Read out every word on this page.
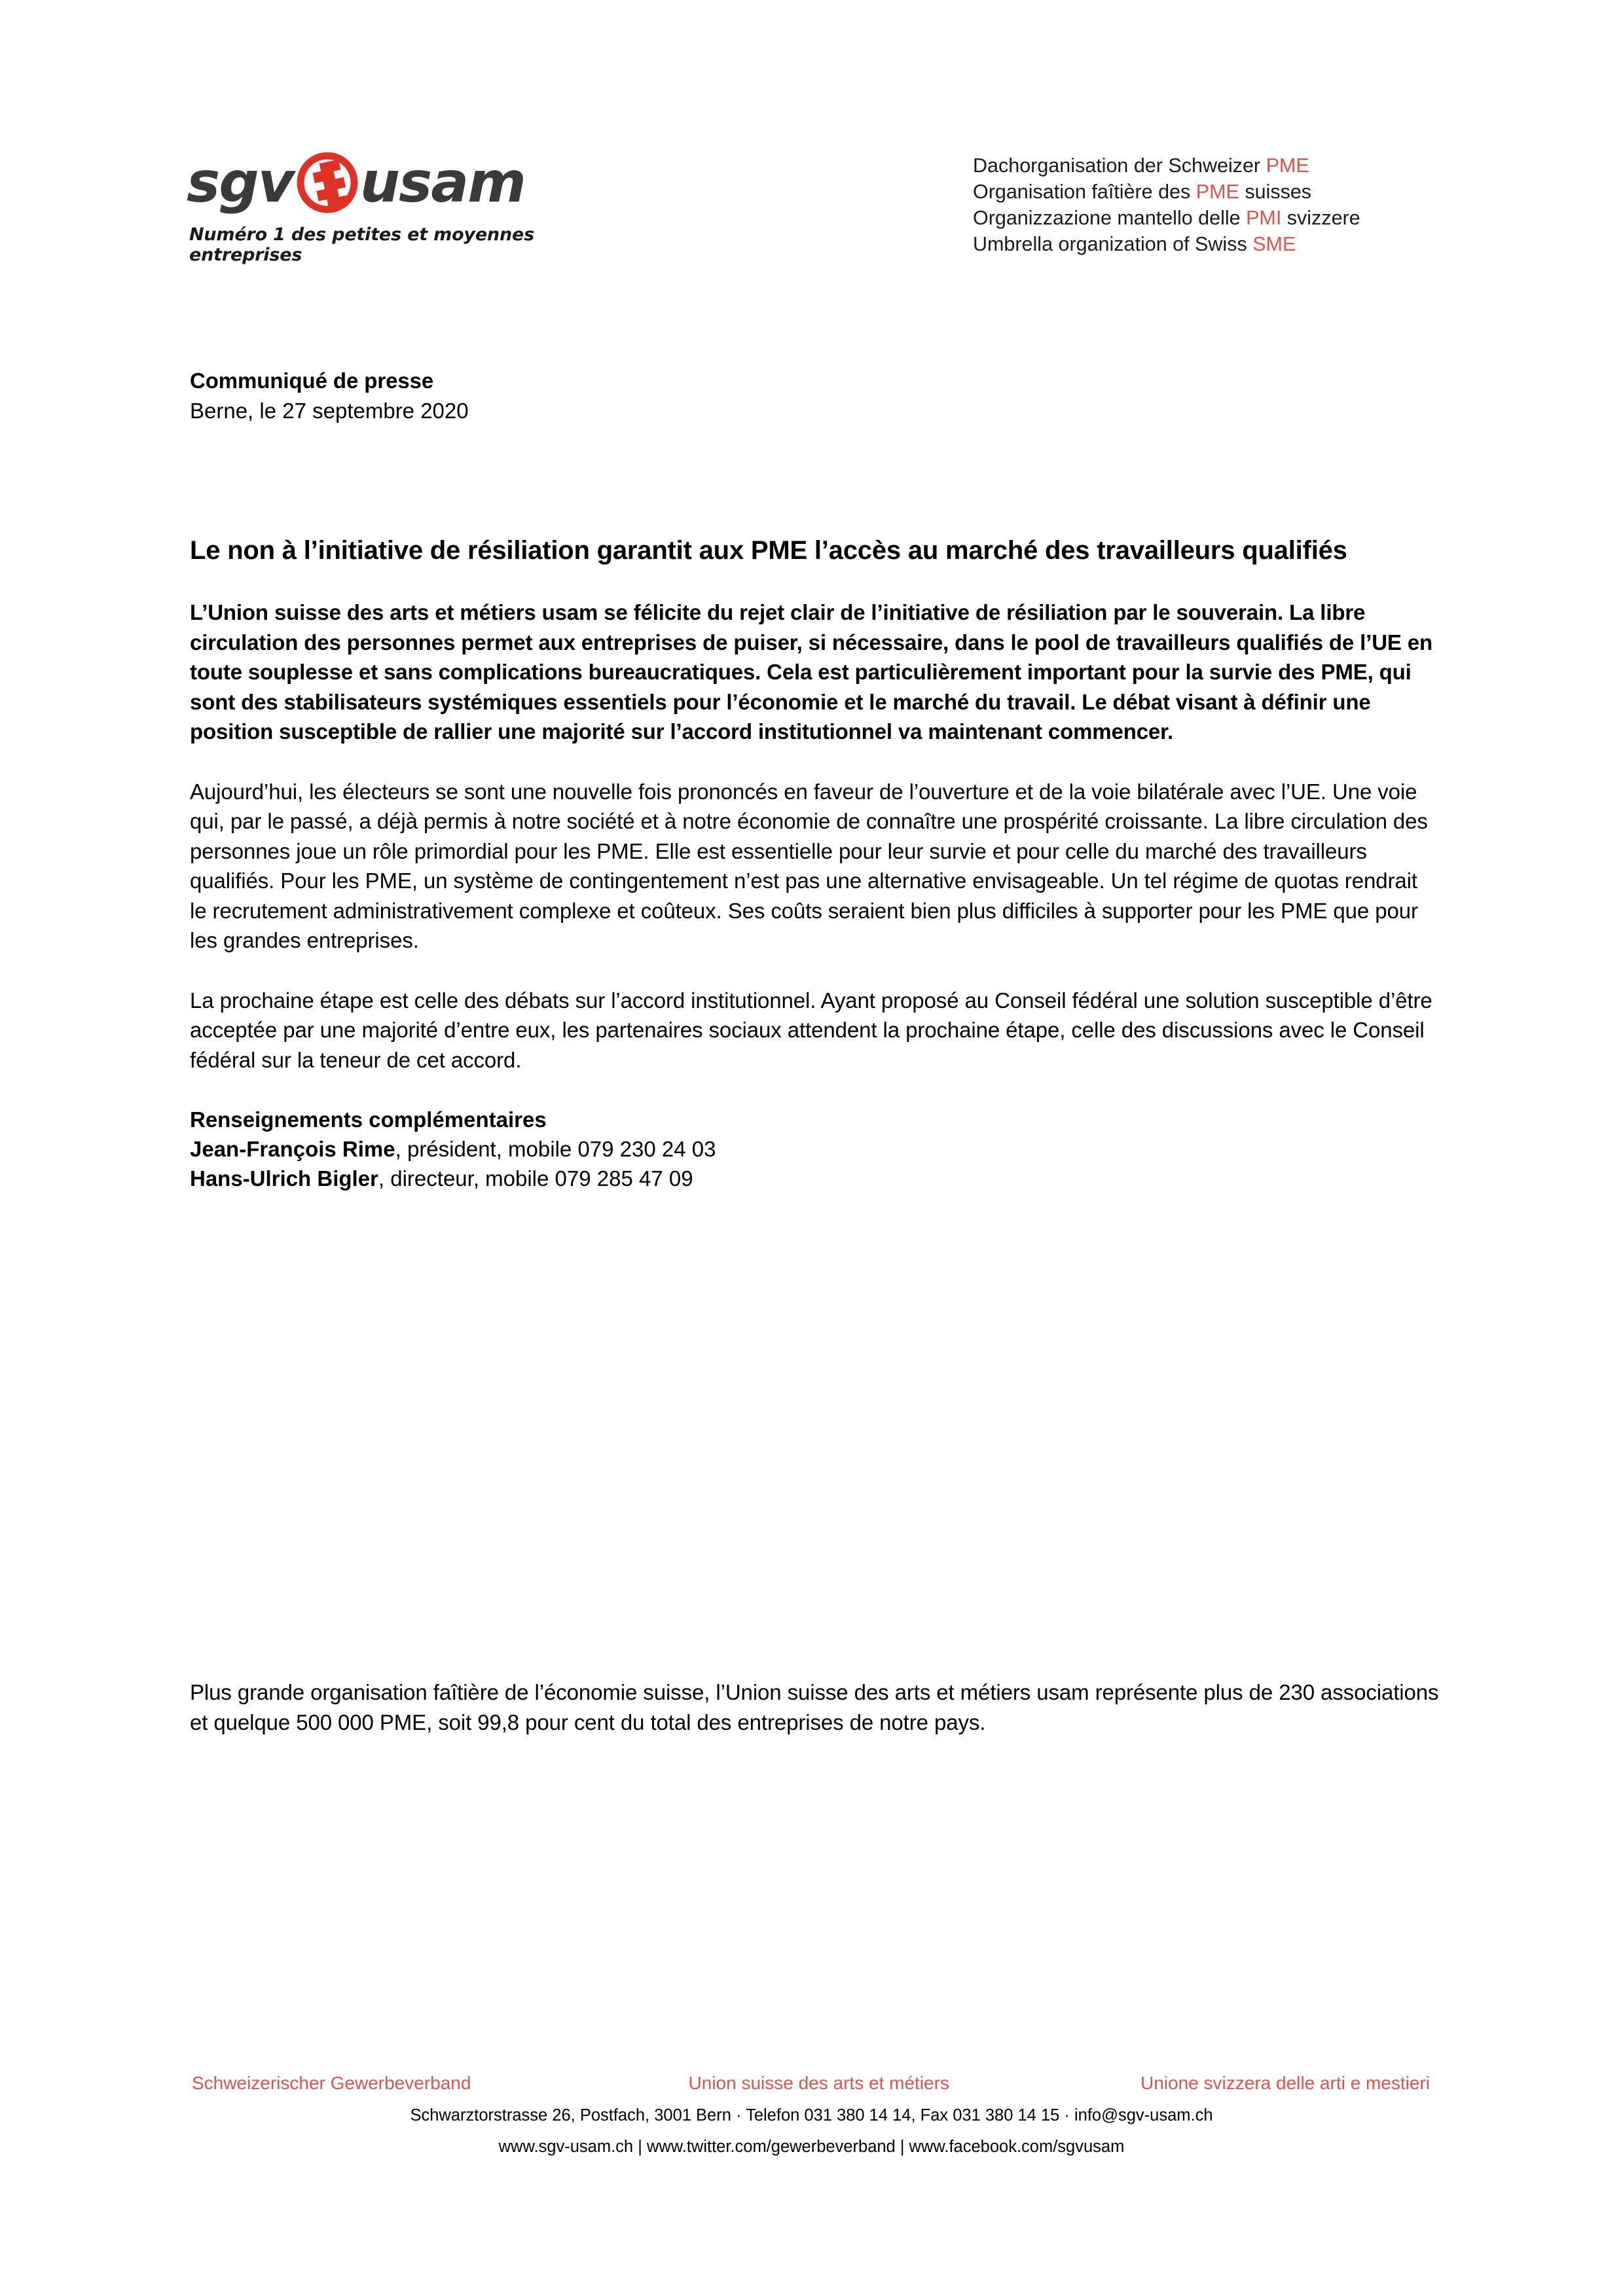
sgv usam
Numéro 1 des petites et moyennes entreprises
Dachorganisation der Schweizer PME
Organisation faîtière des PME suisses
Organizzazione mantello delle PMI svizzere
Umbrella organization of Swiss SME
Communiqué de presse
Berne, le 27 septembre 2020
Le non à l’initiative de résiliation garantit aux PME l’accès au marché des travailleurs qualifiés

L’Union suisse des arts et métiers usam se félicite du rejet clair de l’initiative de résiliation par le souverain. La libre circulation des personnes permet aux entreprises de puiser, si nécessaire, dans le pool de travailleurs qualifiés de l’UE en toute souplesse et sans complications bureaucratiques. Cela est particulièrement important pour la survie des PME, qui sont des stabilisateurs systémiques essentiels pour l’économie et le marché du travail. Le débat visant à définir une position susceptible de rallier une majorité sur l’accord institutionnel va maintenant commencer.

Aujourd’hui, les électeurs se sont une nouvelle fois prononcés en faveur de l’ouverture et de la voie bilatérale avec l’UE. Une voie qui, par le passé, a déjà permis à notre société et à notre économie de connaître une prospérité croissante. La libre circulation des personnes joue un rôle primordial pour les PME. Elle est essentielle pour leur survie et pour celle du marché des travailleurs qualifiés. Pour les PME, un système de contingentement n’est pas une alternative envisageable. Un tel régime de quotas rendrait le recrutement administrativement complexe et coûteux. Ses coûts seraient bien plus difficiles à supporter pour les PME que pour les grandes entreprises.

La prochaine étape est celle des débats sur l’accord institutionnel. Ayant proposé au Conseil fédéral une solution susceptible d’être acceptée par une majorité d’entre eux, les partenaires sociaux attendent la prochaine étape, celle des discussions avec le Conseil fédéral sur la teneur de cet accord.

Renseignements complémentaires
Jean-François Rime, président, mobile 079 230 24 03
Hans-Ulrich Bigler, directeur, mobile 079 285 47 09

Plus grande organisation faîtière de l’économie suisse, l’Union suisse des arts et métiers usam représente plus de 230 associations et quelque 500 000 PME, soit 99,8 pour cent du total des entreprises de notre pays.

Schweizerischer Gewerbeverband	Union suisse des arts et métiers	Unione svizzera delle arti e mestieri
Schwarztorstrasse 26, Postfach, 3001 Bern · Telefon 031 380 14 14, Fax 031 380 14 15 · info@sgv-usam.ch
www.sgv-usam.ch | www.twitter.com/gewerbeverband | www.facebook.com/sgvusam
